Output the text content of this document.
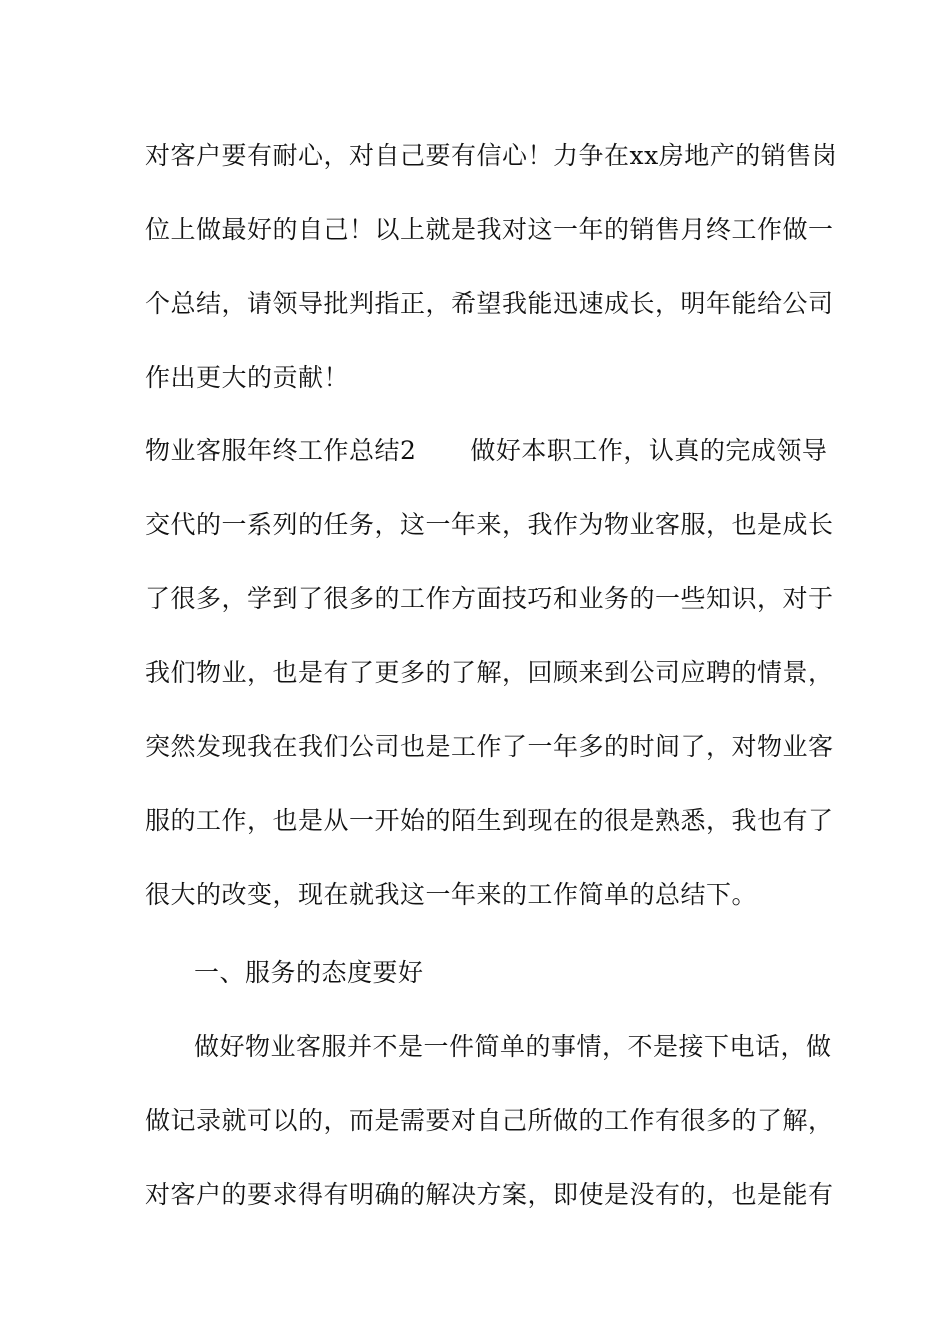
对客户要有耐心，对自己要有信心！力争在xx房地产的销售岗
位上做最好的自己！以上就是我对这一年的销售月终工作做一
个总结，请领导批判指正，希望我能迅速成长，明年能给公司
作出更大的贡献！
物业客服年终工作总结2 做好本职工作，认真的完成领导
交代的一系列的任务，这一年来，我作为物业客服，也是成长
了很多，学到了很多的工作方面技巧和业务的一些知识，对于
我们物业，也是有了更多的了解，回顾来到公司应聘的情景，
突然发现我在我们公司也是工作了一年多的时间了，对物业客
服的工作，也是从一开始的陌生到现在的很是熟悉，我也有了
很大的改变，现在就我这一年来的工作简单的总结下。
一、服务的态度要好
做好物业客服并不是一件简单的事情，不是接下电话，做
做记录就可以的，而是需要对自己所做的工作有很多的了解，
对客户的要求得有明确的解决方案，即使是没有的，也是能有
